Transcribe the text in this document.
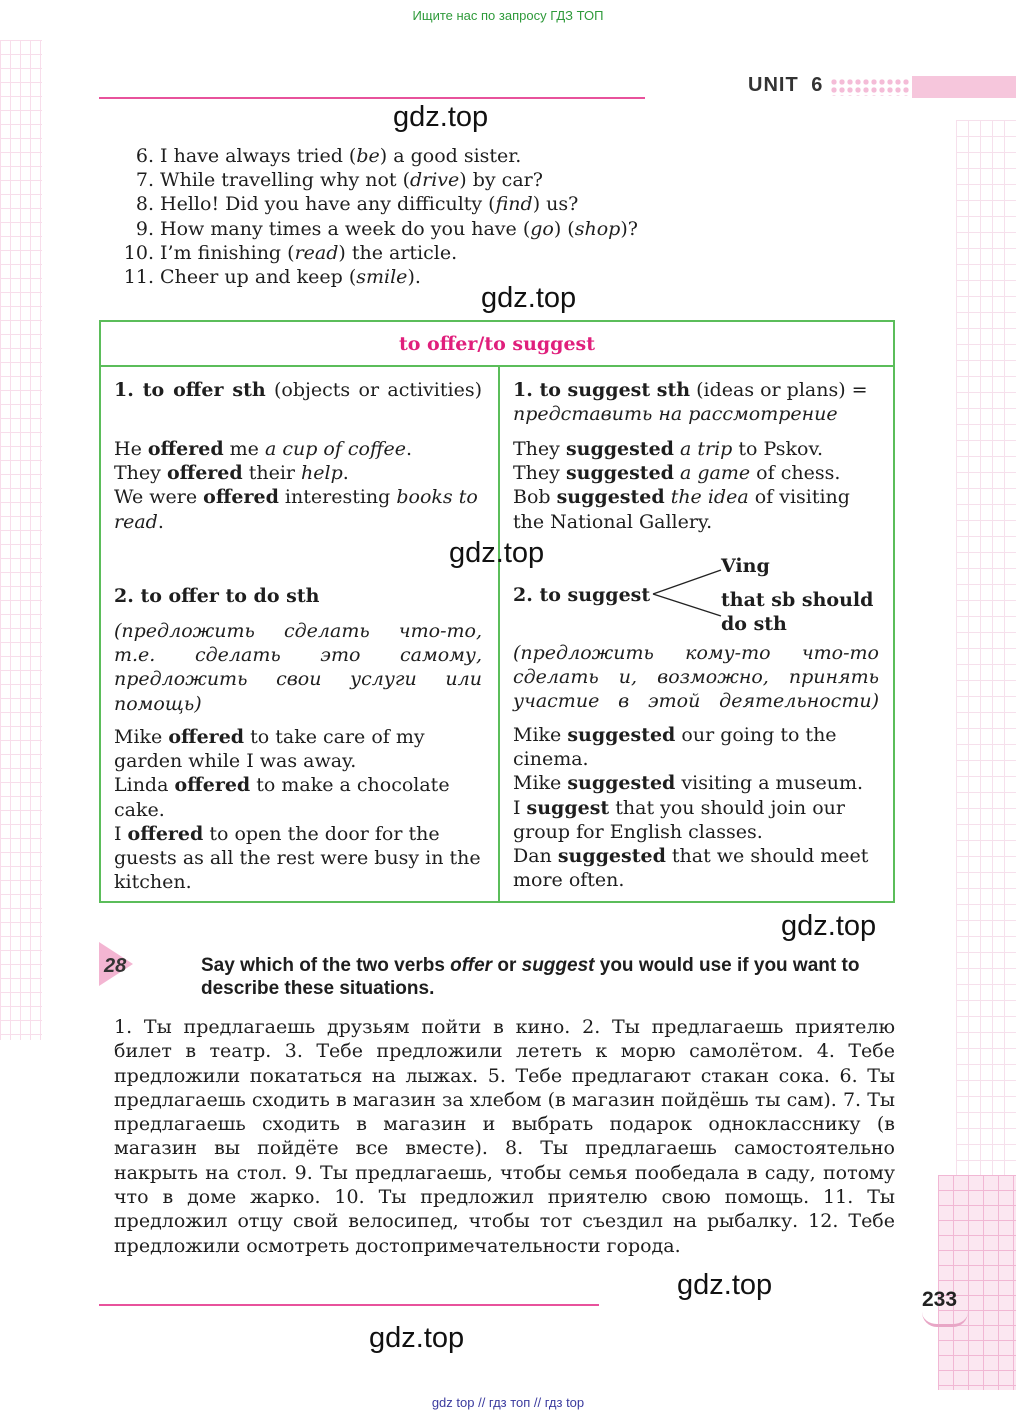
Ищите нас по запросу ГДЗ ТОП
UNIT 6
gdz.top
6. I have always tried (be) a good sister.
7. While travelling why not (drive) by car?
8. Hello! Did you have any difficulty (find) us?
9. How many times a week do you have (go) (shop)?
10. I’m finishing (read) the article.
11. Cheer up and keep (smile).
gdz.top
to offer/to suggest
1. to offer sth (objects or activities)
He offered me a cup of coffee.
They offered their help.
We were offered interesting books to read.
1. to suggest sth (ideas or plans) = представить на рассмотрение
They suggested a trip to Pskov.
They suggested a game of chess.
Bob suggested the idea of visiting the National Gallery.
2. to offer to do sth
(предложить сделать что-то, т.е. сделать это самому, предложить свои услуги или помощь)
Mike offered to take care of my garden while I was away.
Linda offered to make a chocolate cake.
I offered to open the door for the guests as all the rest were busy in the kitchen.
2. to suggest
Ving
that sb should do sth
(предложить кому-то что-то сделать и, возможно, принять участие в этой деятельности)
Mike suggested our going to the cinema.
Mike suggested visiting a museum.
I suggest that you should join our group for English classes.
Dan suggested that we should meet more often.
gdz.top
gdz.top
28	Say which of the two verbs offer or suggest you would use if you want to describe these situations.
1. Ты предлагаешь друзьям пойти в кино. 2. Ты предлагаешь приятелю билет в театр. 3. Тебе предложили лететь к морю самолётом. 4. Тебе предложили покататься на лыжах. 5. Тебе предлагают стакан сока. 6. Ты предлагаешь сходить в магазин за хлебом (в магазин пойдёшь ты сам). 7. Ты предлагаешь сходить в магазин и выбрать подарок однокласснику (в магазин вы пойдёте все вместе). 8. Ты предлагаешь самостоятельно накрыть на стол. 9. Ты предлагаешь, чтобы семья пообедала в саду, потому что в доме жарко. 10. Ты предложил приятелю свою помощь. 11. Ты предложил отцу свой велосипед, чтобы тот съездил на рыбалку. 12. Тебе предложили осмотреть достопримечательности города.
gdz.top	233
gdz.top
gdz top // гдз топ // гдз top
